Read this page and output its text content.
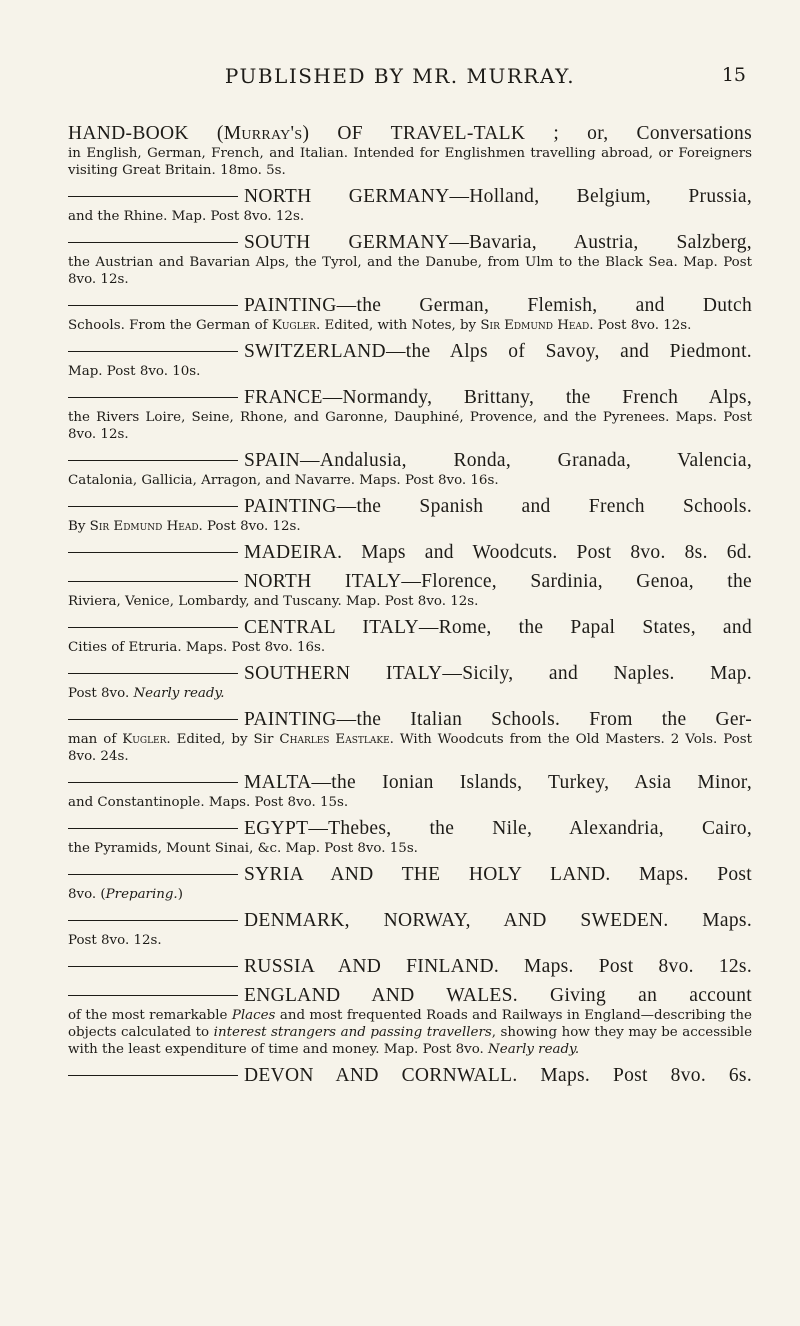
PUBLISHED BY MR. MURRAY.	15
HAND-BOOK (Murray's) OF TRAVEL-TALK ; or, Conversations
in English, German, French, and Italian. Intended for Englishmen travelling abroad, or Foreigners visiting Great Britain. 18mo. 5s.
NORTH GERMANY—Holland, Belgium, Prussia,
and the Rhine. Map. Post 8vo. 12s.
SOUTH GERMANY—Bavaria, Austria, Salzberg,
the Austrian and Bavarian Alps, the Tyrol, and the Danube, from Ulm to the Black Sea. Map. Post 8vo. 12s.
PAINTING—the German, Flemish, and Dutch
Schools. From the German of Kugler. Edited, with Notes, by Sir Edmund Head. Post 8vo. 12s.
SWITZERLAND—the Alps of Savoy, and Piedmont.
Map. Post 8vo. 10s.
FRANCE—Normandy, Brittany, the French Alps,
the Rivers Loire, Seine, Rhone, and Garonne, Dauphiné, Provence, and the Pyrenees. Maps. Post 8vo. 12s.
SPAIN—Andalusia, Ronda, Granada, Valencia,
Catalonia, Gallicia, Arragon, and Navarre. Maps. Post 8vo. 16s.
PAINTING—the Spanish and French Schools.
By Sir Edmund Head. Post 8vo. 12s.
MADEIRA. Maps and Woodcuts. Post 8vo. 8s. 6d.
NORTH ITALY—Florence, Sardinia, Genoa, the
Riviera, Venice, Lombardy, and Tuscany. Map. Post 8vo. 12s.
CENTRAL ITALY—Rome, the Papal States, and
Cities of Etruria. Maps. Post 8vo. 16s.
SOUTHERN ITALY—Sicily, and Naples. Map.
Post 8vo. Nearly ready.
PAINTING—the Italian Schools. From the Ger-
man of Kugler. Edited, by Sir Charles Eastlake. With Woodcuts from the Old Masters. 2 Vols. Post 8vo. 24s.
MALTA—the Ionian Islands, Turkey, Asia Minor,
and Constantinople. Maps. Post 8vo. 15s.
EGYPT—Thebes, the Nile, Alexandria, Cairo,
the Pyramids, Mount Sinai, &c. Map. Post 8vo. 15s.
SYRIA AND THE HOLY LAND. Maps. Post
8vo. (Preparing.)
DENMARK, NORWAY, AND SWEDEN. Maps.
Post 8vo. 12s.
RUSSIA AND FINLAND. Maps. Post 8vo. 12s.
ENGLAND AND WALES. Giving an account
of the most remarkable Places and most frequented Roads and Railways in England—describing the objects calculated to interest strangers and passing travellers, showing how they may be accessible with the least expenditure of time and money. Map. Post 8vo. Nearly ready.
DEVON AND CORNWALL. Maps. Post 8vo. 6s.
